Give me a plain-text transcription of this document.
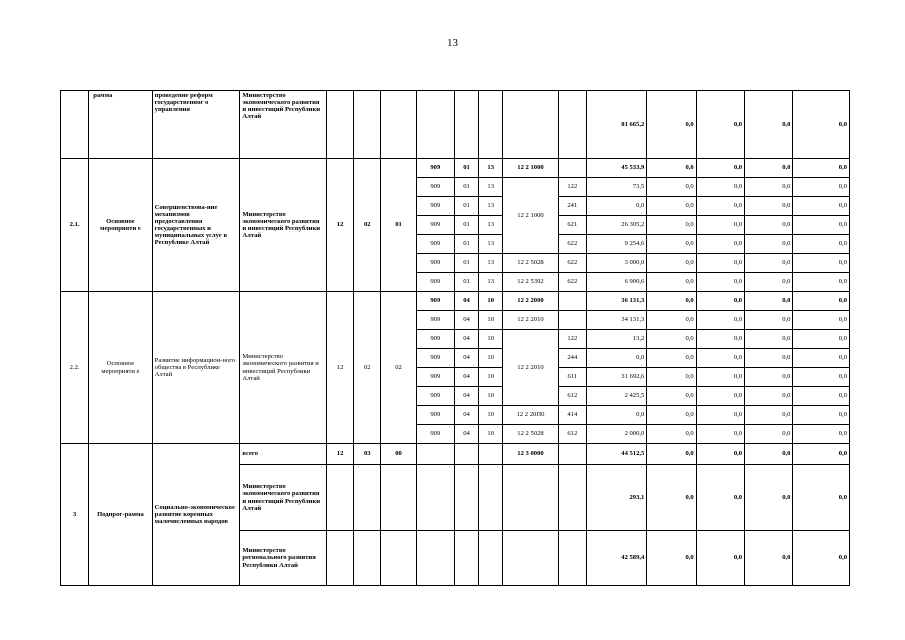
13
	рамма	проведение реформ государственног о управления	Министерство экономического развития и инвестиций Республики Алтай									81 665,2	0,0	0,0	0,0	0,0
2.1.	Основное мероприяти е	Совершенствова-ние механизмов предоставления государственных и муниципальных услуг в Республике Алтай	Министерство экономического развития и инвестиций Республики Алтай	12	02	01	909	01	13	12 2 1000		45 533,9	0,0	0,0	0,0	0,0
							909	01	13	12 2 1000	122	73,5	0,0	0,0	0,0	0,0
							909	01	13		241	0,0	0,0	0,0	0,0	0,0
							909	01	13		621	26 305,2	0,0	0,0	0,0	0,0
							909	01	13		622	9 254,6	0,0	0,0	0,0	0,0
							909	01	13	12 2 5028	622	3 000,0	0,0	0,0	0,0	0,0
							909	01	13	12 2 5392	622	6 900,6	0,0	0,0	0,0	0,0
2.2.	Основное мероприяти е	Развитие информацион-ного общества в Республике Алтай	Министерство экономического развития и инвестиций Республики Алтай	12	02	02	909	04	10	12 2 2000		36 131,3	0,0	0,0	0,0	0,0
							909	04	10	12 2 2010		34 131,3	0,0	0,0	0,0	0,0
							909	04	10	12 2 2010	122	13,2	0,0	0,0	0,0	0,0
							909	04	10		244	0,0	0,0	0,0	0,0	0,0
							909	04	10		611	31 692,6	0,0	0,0	0,0	0,0
							909	04	10		612	2 425,5	0,0	0,0	0,0	0,0
							909	04	10	12 2 20П0	414	0,0	0,0	0,0	0,0	0,0
							909	04	10	12 2 5028	612	2 000,0	0,0	0,0	0,0	0,0
3	Подпрог-рамма	Социально-экономическое развитие коренных малочисленных народов	всего	12	03	00				12 3 0000		44 512,5	0,0	0,0	0,0	0,0
			Министерство экономического развития и инвестиций Республики Алтай									293,1	0,0	0,0	0,0	0,0
			Министерство регионального развития Республики Алтай									42 589,4	0,0	0,0	0,0	0,0
